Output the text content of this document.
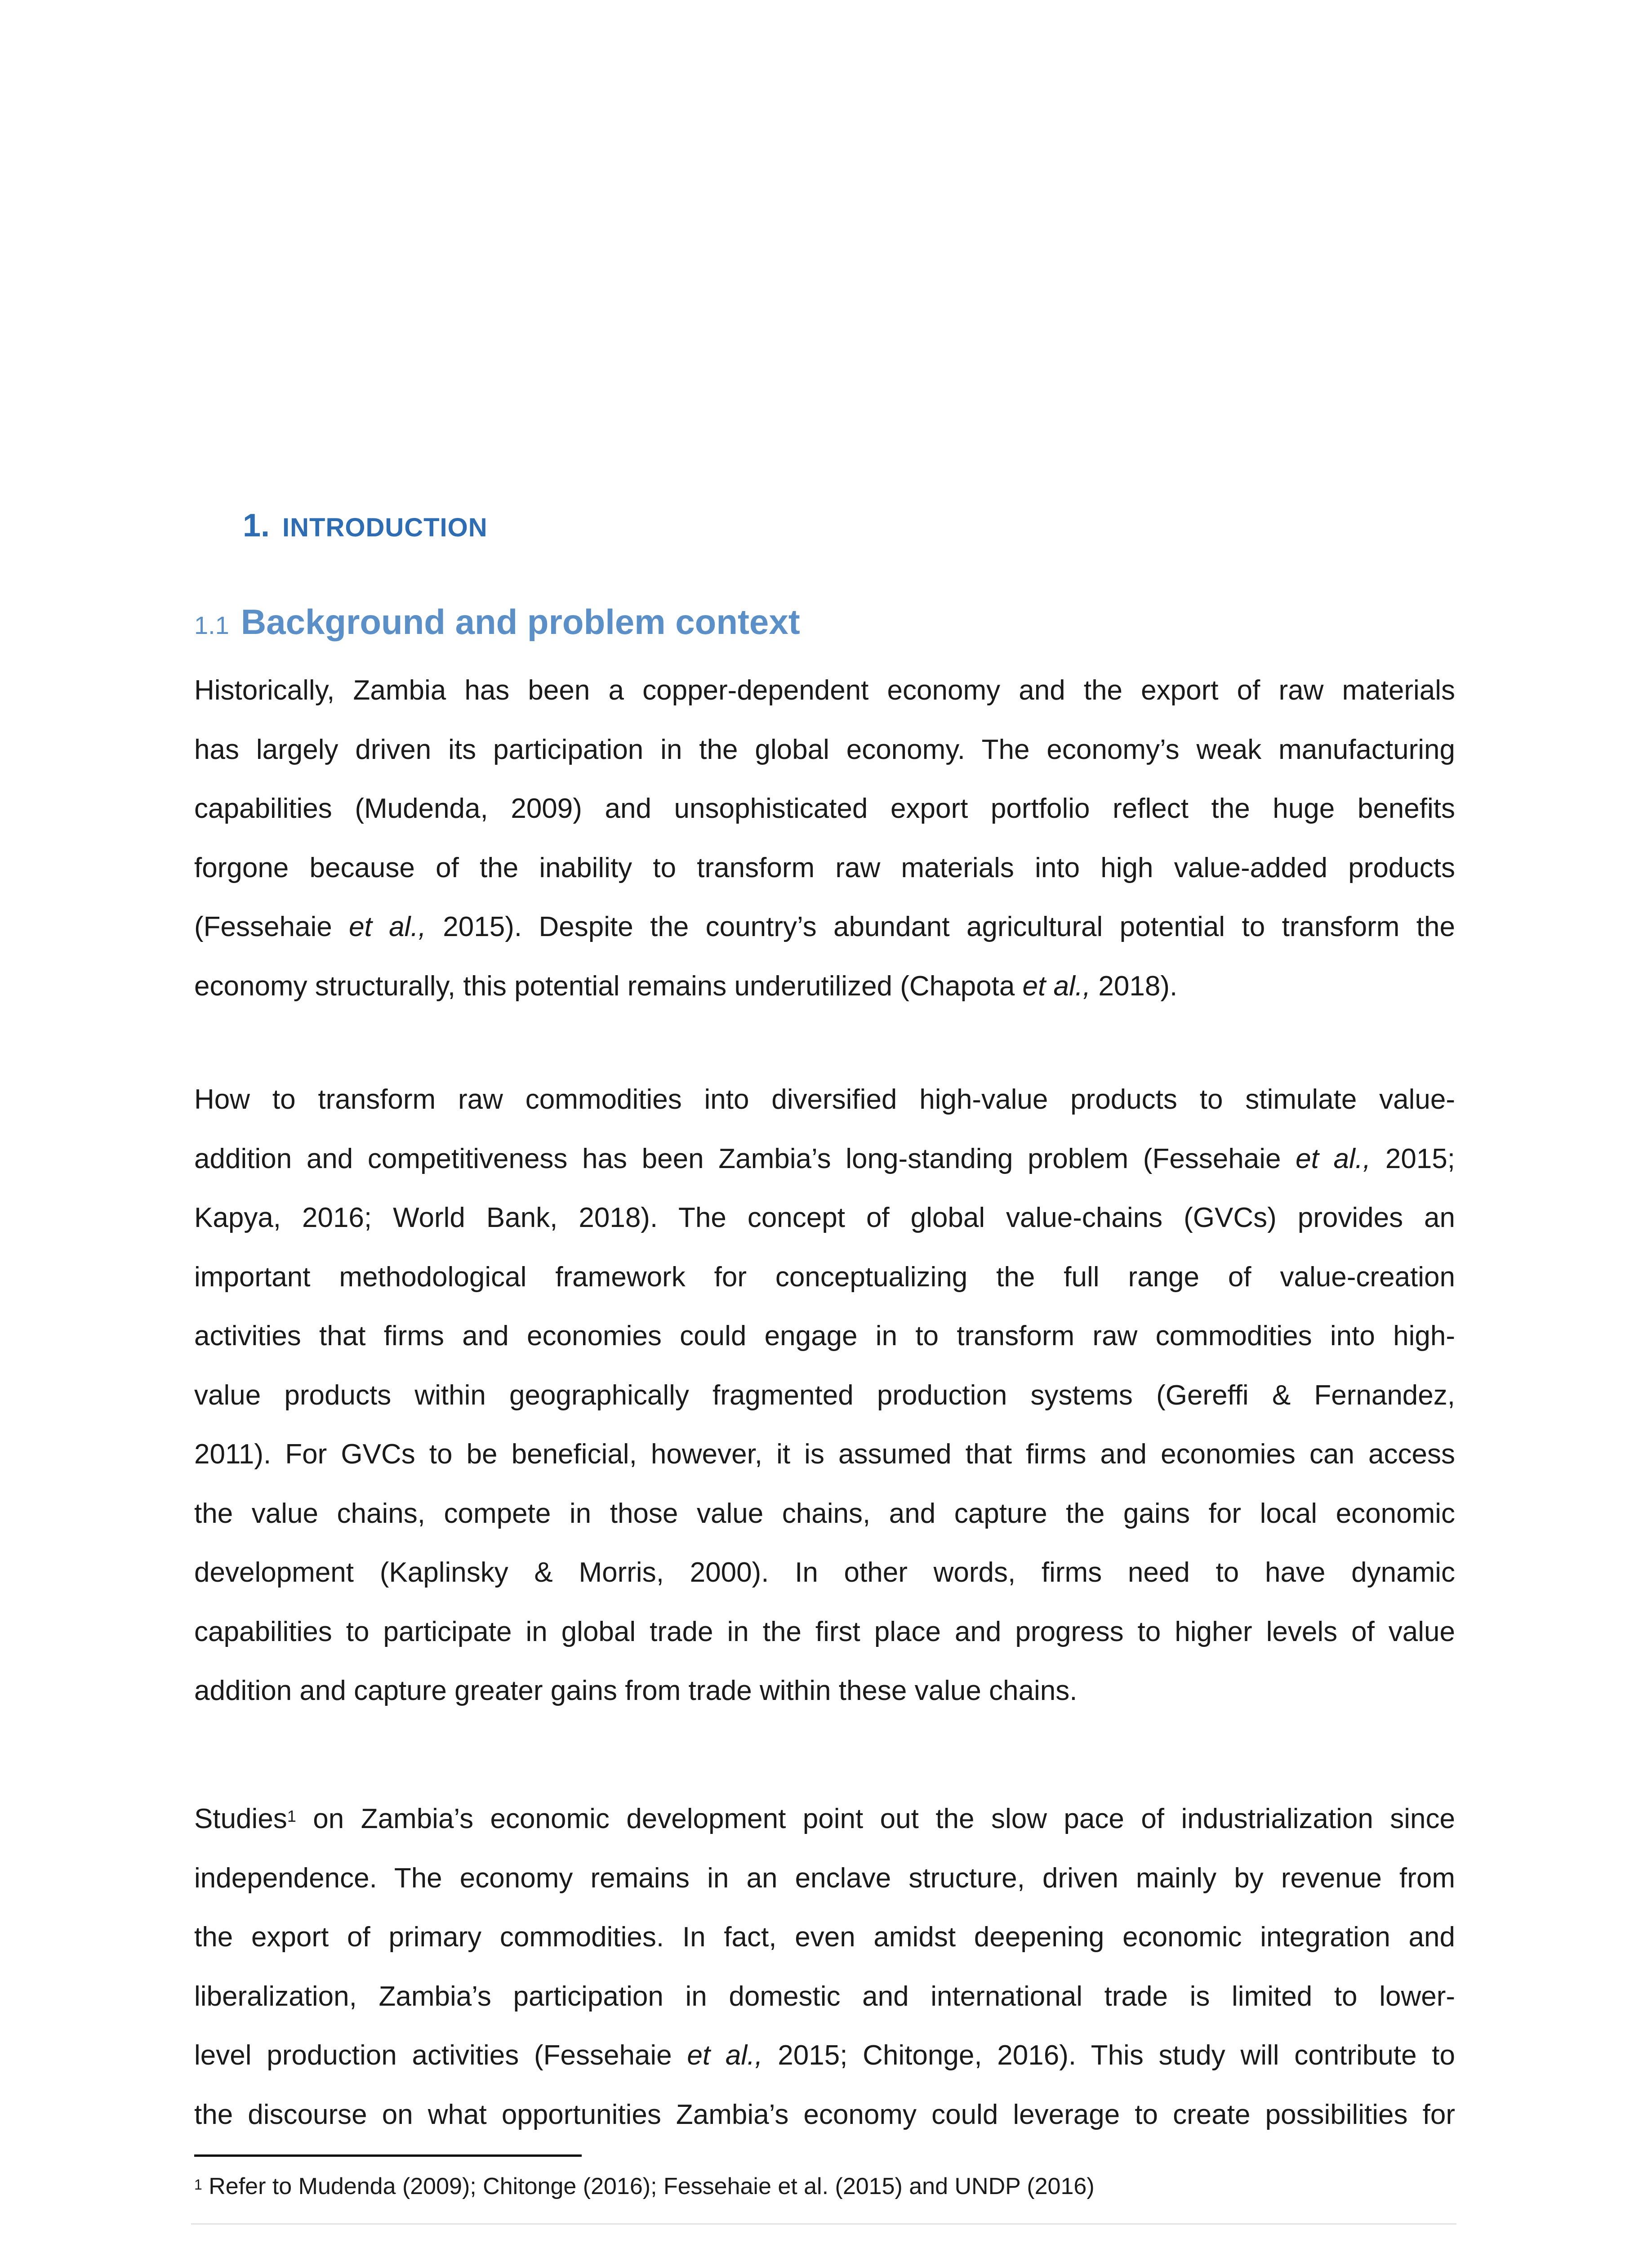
1. INTRODUCTION
1.1 Background and problem context
Historically, Zambia has been a copper-dependent economy and the export of raw materials
has largely driven its participation in the global economy. The economy’s weak manufacturing
capabilities (Mudenda, 2009) and unsophisticated export portfolio reflect the huge benefits
forgone because of the inability to transform raw materials into high value-added products
(Fessehaie et al., 2015). Despite the country’s abundant agricultural potential to transform the
economy structurally, this potential remains underutilized (Chapota et al., 2018).
How to transform raw commodities into diversified high-value products to stimulate value-
addition and competitiveness has been Zambia’s long-standing problem (Fessehaie et al., 2015;
Kapya, 2016; World Bank, 2018). The concept of global value-chains (GVCs) provides an
important methodological framework for conceptualizing the full range of value-creation
activities that firms and economies could engage in to transform raw commodities into high-
value products within geographically fragmented production systems (Gereffi & Fernandez,
2011). For GVCs to be beneficial, however, it is assumed that firms and economies can access
the value chains, compete in those value chains, and capture the gains for local economic
development (Kaplinsky & Morris, 2000). In other words, firms need to have dynamic
capabilities to participate in global trade in the first place and progress to higher levels of value
addition and capture greater gains from trade within these value chains.
Studies$^1$ on Zambia’s economic development point out the slow pace of industrialization since
independence. The economy remains in an enclave structure, driven mainly by revenue from
the export of primary commodities. In fact, even amidst deepening economic integration and
liberalization, Zambia’s participation in domestic and international trade is limited to lower-
level production activities (Fessehaie et al., 2015; Chitonge, 2016). This study will contribute to
the discourse on what opportunities Zambia’s economy could leverage to create possibilities for
$^1$ Refer to Mudenda (2009); Chitonge (2016); Fessehaie et al. (2015) and UNDP (2016)
